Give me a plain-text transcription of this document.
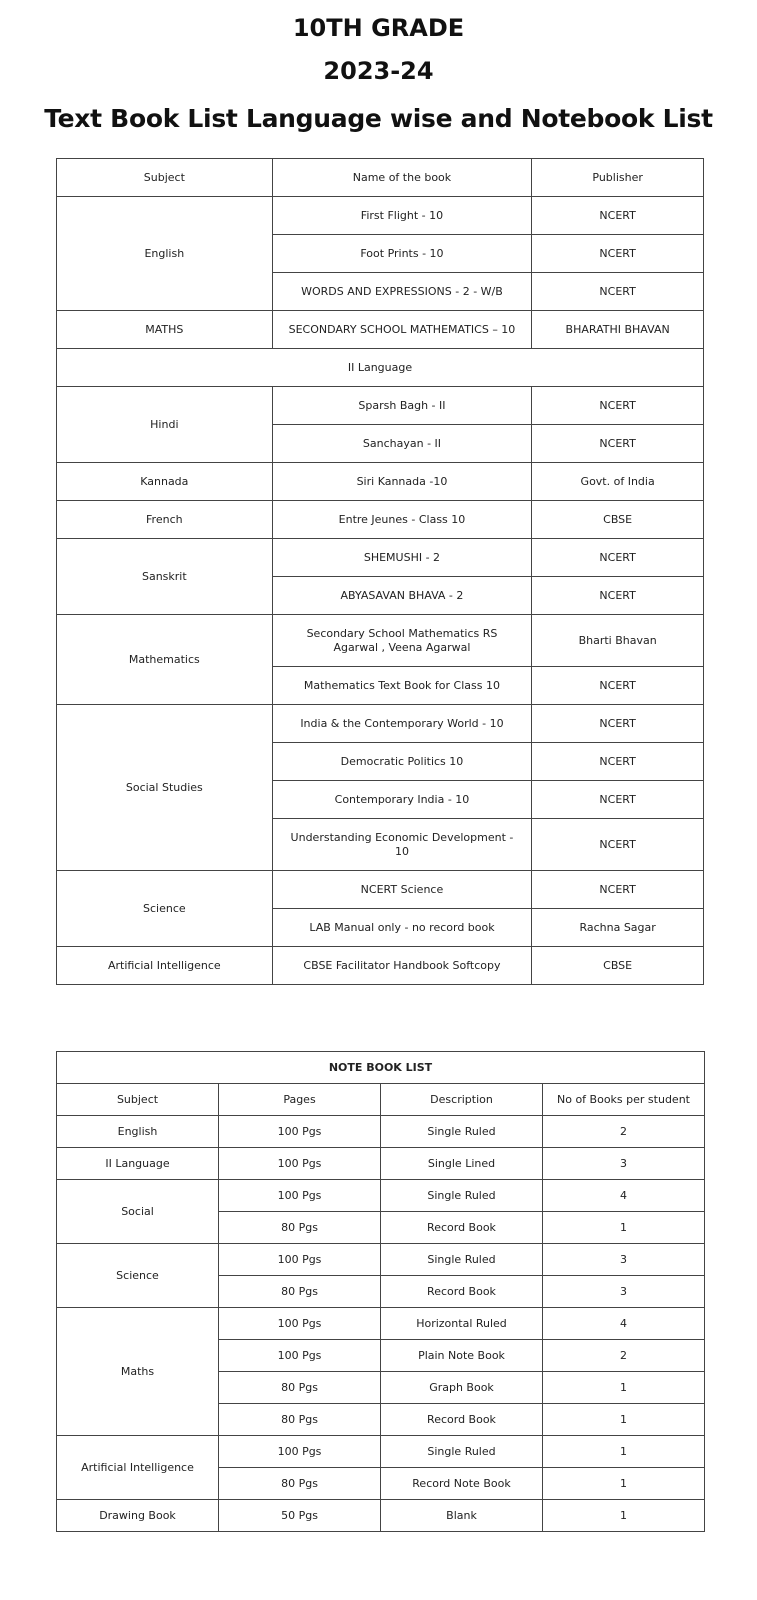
10TH GRADE
2023-24
Text Book List Language wise and Notebook List
Subject	Name of the book	Publisher
English	First Flight - 10	NCERT
	Foot Prints - 10	NCERT
	WORDS AND EXPRESSIONS - 2 - W/B	NCERT
MATHS	SECONDARY SCHOOL MATHEMATICS – 10	BHARATHI BHAVAN
II Language		
Hindi	Sparsh Bagh - II	NCERT
	Sanchayan - II	NCERT
Kannada	Siri Kannada -10	Govt. of India
French	Entre Jeunes - Class 10	CBSE
Sanskrit	SHEMUSHI - 2	NCERT
	ABYASAVAN BHAVA - 2	NCERT
Mathematics	Secondary School Mathematics RS Agarwal , Veena Agarwal	Bharti Bhavan
	Mathematics Text Book for Class 10	NCERT
Social Studies	India & the Contemporary World - 10	NCERT
	Democratic Politics 10	NCERT
	Contemporary India - 10	NCERT
	Understanding Economic Development - 10	NCERT
Science	NCERT Science	NCERT
	LAB Manual only - no record book	Rachna Sagar
Artificial Intelligence	CBSE Facilitator Handbook Softcopy	CBSE
NOTE BOOK LIST			
Subject	Pages	Description	No of Books per student
English	100 Pgs	Single Ruled	2
II Language	100 Pgs	Single Lined	3
Social	100 Pgs	Single Ruled	4
	80 Pgs	Record Book	1
Science	100 Pgs	Single Ruled	3
	80 Pgs	Record Book	3
Maths	100 Pgs	Horizontal Ruled	4
	100 Pgs	Plain Note Book	2
	80 Pgs	Graph Book	1
	80 Pgs	Record Book	1
Artificial Intelligence	100 Pgs	Single Ruled	1
	80 Pgs	Record Note Book	1
Drawing Book	50 Pgs	Blank	1
